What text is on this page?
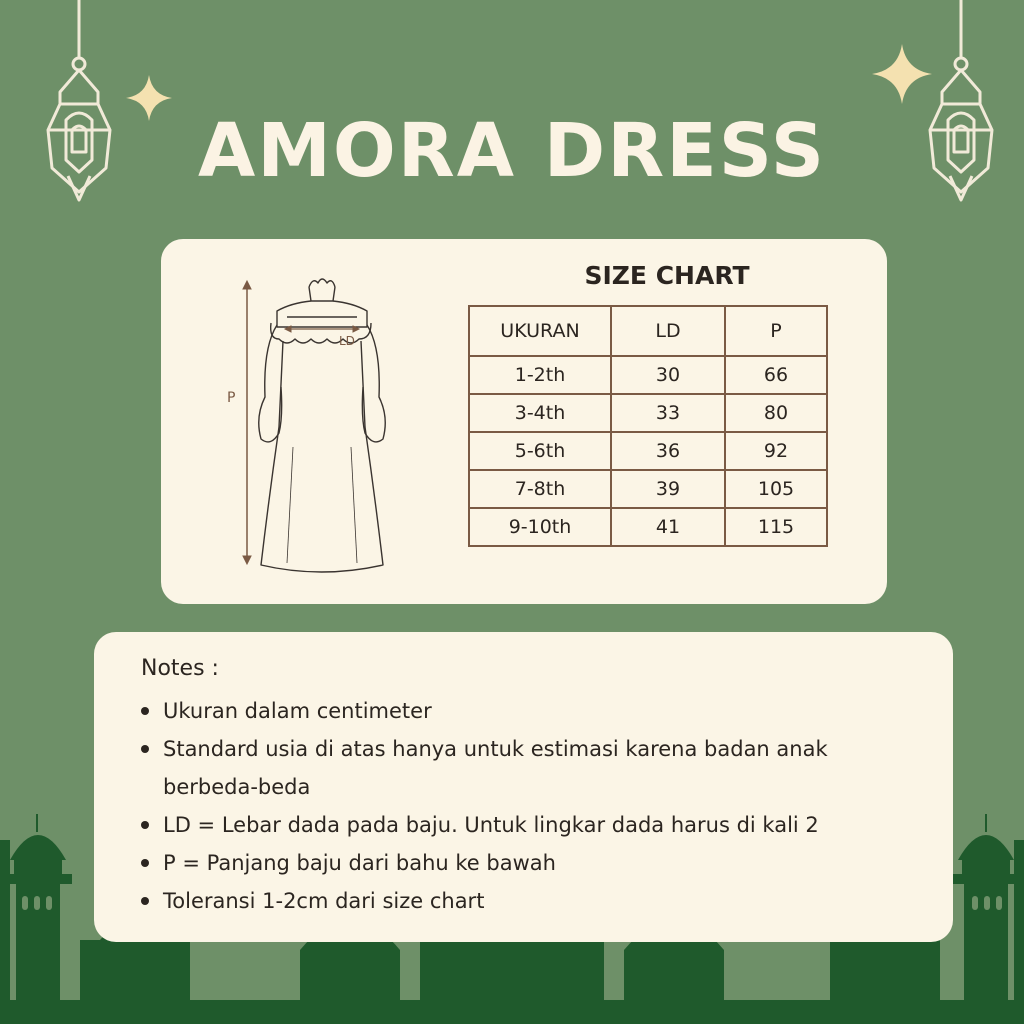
AMORA DRESS
P
LD
SIZE CHART
UKURAN	LD	P
1-2th	30	66
3-4th	33	80
5-6th	36	92
7-8th	39	105
9-10th	41	115

Notes :

Ukuran dalam centimeter
Standard usia di atas hanya untuk estimasi karena badan anak berbeda-beda
LD = Lebar dada pada baju. Untuk lingkar dada harus di kali 2
P = Panjang baju dari bahu ke bawah
Toleransi 1-2cm dari size chart
